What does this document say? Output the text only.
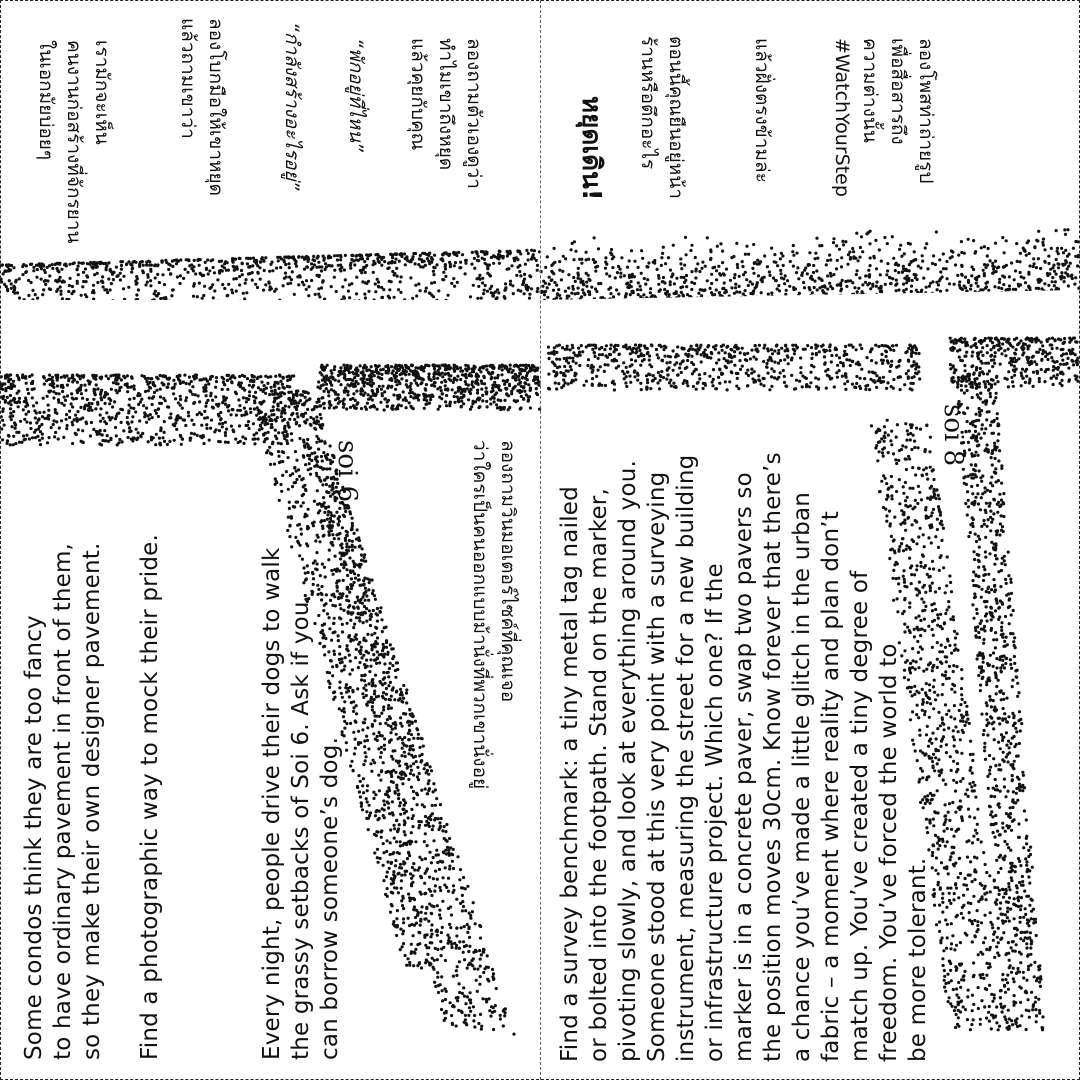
Some condos think they are too fancy to have ordinary pavement in front of them, so they make their own designer pavement. Find a photographic way to mock their pride.	Every night, people drive their dogs to walk the grassy setbacks of Soi 6. Ask if you can borrow someone’s dog.
soi 6	ลองถามวินมอเตอร์ไซค์ที่คุณเจอ
ว่าใครเป็นคนออกแบบม้านั่งที่พวกเขานั่งอยู่	Find a survey benchmark: a tiny metal tag nailed or bolted into the footpath. Stand on the marker, pivoting slowly, and look at everything around you. Someone stood at this very point with a surveying instrument, measuring the street for a new building or infrastructure project. Which one? If the marker is in a concrete paver, swap two pavers so the position moves 30cm. Know forever that there’s a chance you’ve made a little glitch in the urban fabric – a moment where reality and plan don’t match up. You’ve created a tiny degree of freedom. You’ve forced the world to be more tolerant.
soi 8
เรามักจะเห็น
คนงานก่อสร้างที่จักรยาน
ในเอกมัยบ่อยๆ	ลองโบกมือให้เขาหยุด
แล้วถามเขาว่า	“กำลังสร้างอะไรอยู่” “พักอยู่ที่ไหน”	ลองถามตัวเองดูว่า
ทำไมเขาถึงหยุด
แล้วคุยกับคุณ	หยุดเดิน!	ตอนนี้คุณยืนอยู่หน้า
ร้านหรือตึกอะไร	แล้วฝั่งตรงข้ามล่ะ	ลองโพสท่าถ่ายรูป
เพื่อสื่อสารถึง
ความต่างนั้น
#WatchYourStep
